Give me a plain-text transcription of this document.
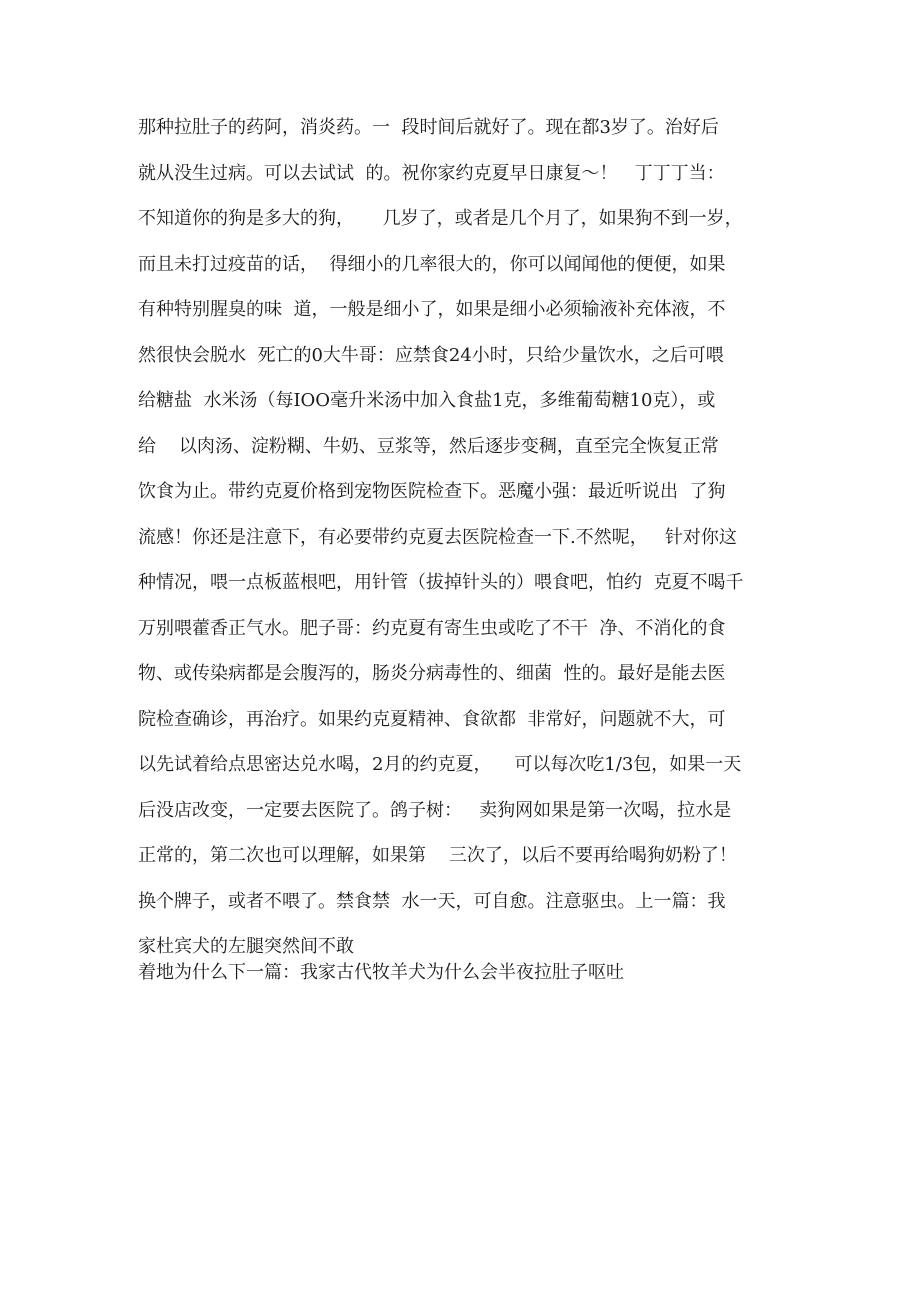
那种拉肚子的药阿，消炎药。一  段时间后就好了。现在都3岁了。治好后
就从没生过病。可以去试试  的。祝你家约克夏早日康复～！   丁丁丁当：
不知道你的狗是多大的狗，     几岁了，或者是几个月了，如果狗不到一岁，
而且未打过疫苗的话，  得细小的几率很大的，你可以闻闻他的便便，如果
有种特别腥臭的味  道，一般是细小了，如果是细小必须输液补充体液，不
然很快会脱水  死亡的0大牛哥：应禁食24小时，只给少量饮水，之后可喂
给糖盐  水米汤（每IOO毫升米汤中加入食盐1克，多维葡萄糖10克），或
给    以肉汤、淀粉糊、牛奶、豆浆等，然后逐步变稠，直至完全恢复正常
饮食为止。带约克夏价格到宠物医院检查下。恶魔小强：最近听说出  了狗
流感！你还是注意下，有必要带约克夏去医院检查一下.不然呢，   针对你这
种情况，喂一点板蓝根吧，用针管（拔掉针头的）喂食吧，怕约  克夏不喝千
万别喂藿香正气水。肥子哥：约克夏有寄生虫或吃了不干  净、不消化的食
物、或传染病都是会腹泻的，肠炎分病毒性的、细菌  性的。最好是能去医
院检查确诊，再治疗。如果约克夏精神、食欲都  非常好，问题就不大，可
以先试着给点思密达兑水喝，2月的约克夏，    可以每次吃1/3包，如果一天
后没店改变，一定要去医院了。鸽子树：   卖狗网如果是第一次喝，拉水是
正常的，第二次也可以理解，如果第    三次了，以后不要再给喝狗奶粉了！
换个牌子，或者不喂了。禁食禁  水一天，可自愈。注意驱虫。上一篇：我
家杜宾犬的左腿突然间不敢
着地为什么下一篇：我家古代牧羊犬为什么会半夜拉肚子呕吐
